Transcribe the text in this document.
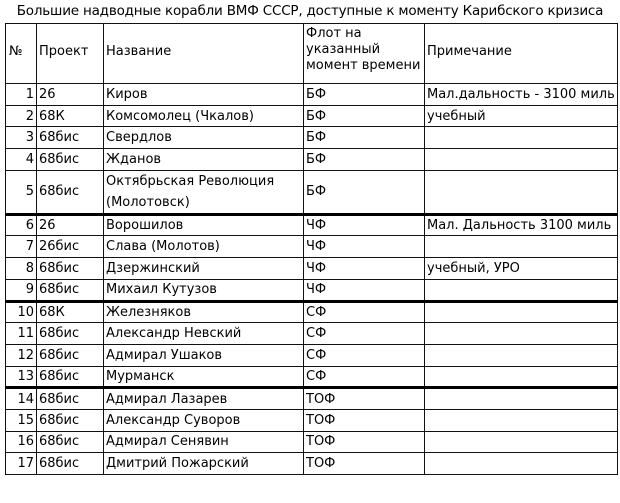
Большие надводные корабли ВМФ СССР, доступные к моменту Карибского кризиса
№	Проект	Название	Флот на указанный момент времени	Примечание
1	26	Киров	БФ	Мал.дальность - 3100 миль
2	68К	Комсомолец (Чкалов)	БФ	учебный
3	68бис	Свердлов	БФ	
4	68бис	Жданов	БФ	
5	68бис	Октябрьская Революция (Молотовск)	БФ	
6	26	Ворошилов	ЧФ	Мал. Дальность 3100 миль
7	26бис	Слава (Молотов)	ЧФ	
8	68бис	Дзержинский	ЧФ	учебный, УРО
9	68бис	Михаил Кутузов	ЧФ	
10	68К	Железняков	СФ	
11	68бис	Александр Невский	СФ	
12	68бис	Адмирал Ушаков	СФ	
13	68бис	Мурманск	СФ	
14	68бис	Адмирал Лазарев	ТОФ	
15	68бис	Александр Суворов	ТОФ	
16	68бис	Адмирал Сенявин	ТОФ	
17	68бис	Дмитрий Пожарский	ТОФ	
